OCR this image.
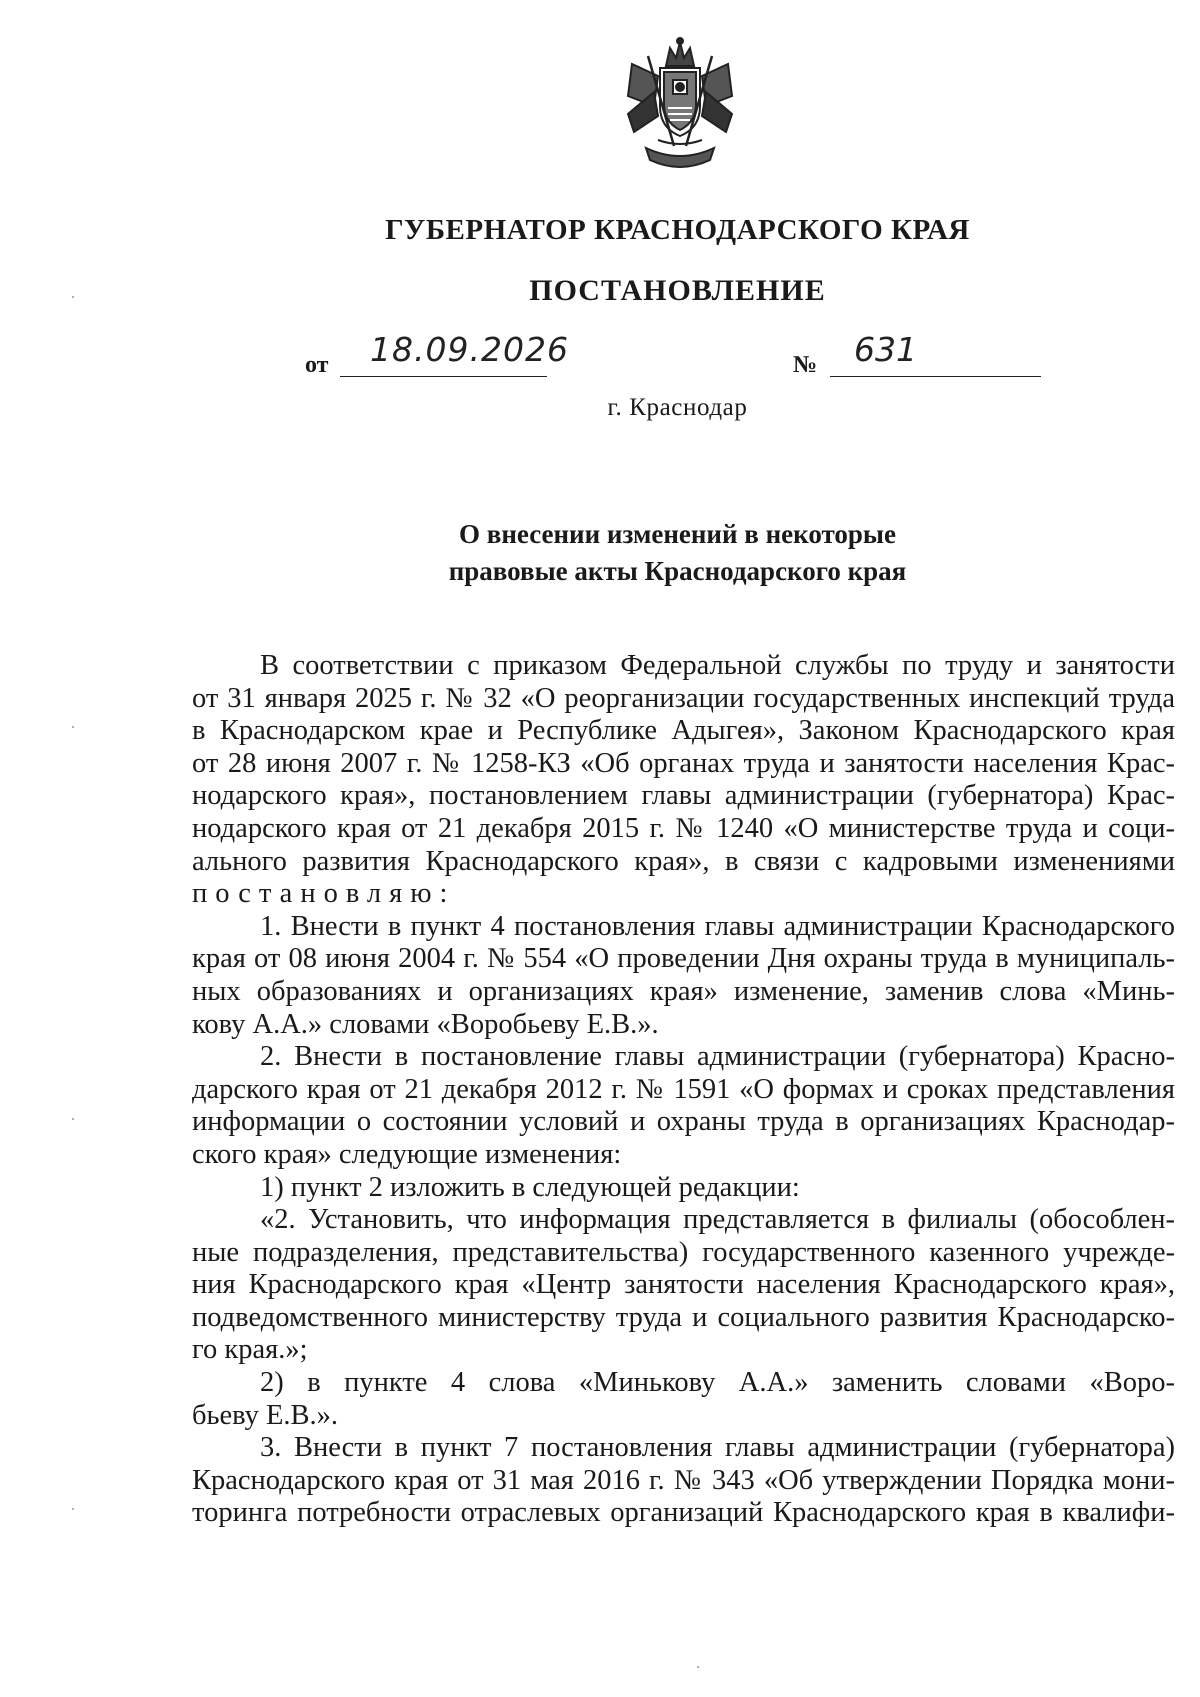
ГУБЕРНАТОР КРАСНОДАРСКОГО КРАЯ
ПОСТАНОВЛЕНИЕ
от 18.09.2026	№ 631
г. Краснодар
О внесении изменений в некоторые
правовые акты Краснодарского края
В соответствии с приказом Федеральной службы по труду и занятости
от 31 января 2025 г. № 32 «О реорганизации государственных инспекций труда
в Краснодарском крае и Республике Адыгея», Законом Краснодарского края
от 28 июня 2007 г. № 1258-КЗ «Об органах труда и занятости населения Крас-
нодарского края», постановлением главы администрации (губернатора) Крас-
нодарского края от 21 декабря 2015 г. № 1240 «О министерстве труда и соци-
ального развития Краснодарского края», в связи с кадровыми изменениями
постановляю:
1. Внести в пункт 4 постановления главы администрации Краснодарского
края от 08 июня 2004 г. № 554 «О проведении Дня охраны труда в муниципаль-
ных образованиях и организациях края» изменение, заменив слова «Минь-
кову А.А.» словами «Воробьеву Е.В.».
2. Внести в постановление главы администрации (губернатора) Красно-
дарского края от 21 декабря 2012 г. № 1591 «О формах и сроках представления
информации о состоянии условий и охраны труда в организациях Краснодар-
ского края» следующие изменения:
1) пункт 2 изложить в следующей редакции:
«2. Установить, что информация представляется в филиалы (обособлен-
ные подразделения, представительства) государственного казенного учрежде-
ния Краснодарского края «Центр занятости населения Краснодарского края»,
подведомственного министерству труда и социального развития Краснодарско-
го края.»;
2) в пункте 4 слова «Минькову А.А.» заменить словами «Воро-
бьеву Е.В.».
3. Внести в пункт 7 постановления главы администрации (губернатора)
Краснодарского края от 31 мая 2016 г. № 343 «Об утверждении Порядка мони-
торинга потребности отраслевых организаций Краснодарского края в квалифи-
